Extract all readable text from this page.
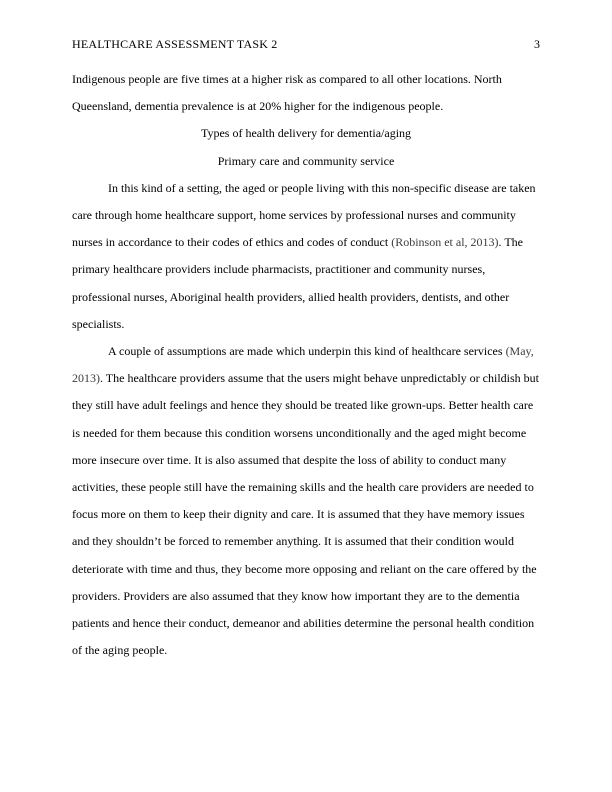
HEALTHCARE ASSESSMENT TASK 2	3

Indigenous people are five times at a higher risk as compared to all other locations. North Queensland, dementia prevalence is at 20% higher for the indigenous people.

Types of health delivery for dementia/aging

Primary care and community service

In this kind of a setting, the aged or people living with this non-specific disease are taken care through home healthcare support, home services by professional nurses and community nurses in accordance to their codes of ethics and codes of conduct (Robinson et al, 2013). The primary healthcare providers include pharmacists, practitioner and community nurses, professional nurses, Aboriginal health providers, allied health providers, dentists, and other specialists.

A couple of assumptions are made which underpin this kind of healthcare services (May, 2013). The healthcare providers assume that the users might behave unpredictably or childish but they still have adult feelings and hence they should be treated like grown-ups. Better health care is needed for them because this condition worsens unconditionally and the aged might become more insecure over time. It is also assumed that despite the loss of ability to conduct many activities, these people still have the remaining skills and the health care providers are needed to focus more on them to keep their dignity and care. It is assumed that they have memory issues and they shouldn’t be forced to remember anything. It is assumed that their condition would deteriorate with time and thus, they become more opposing and reliant on the care offered by the providers. Providers are also assumed that they know how important they are to the dementia patients and hence their conduct, demeanor and abilities determine the personal health condition of the aging people.
